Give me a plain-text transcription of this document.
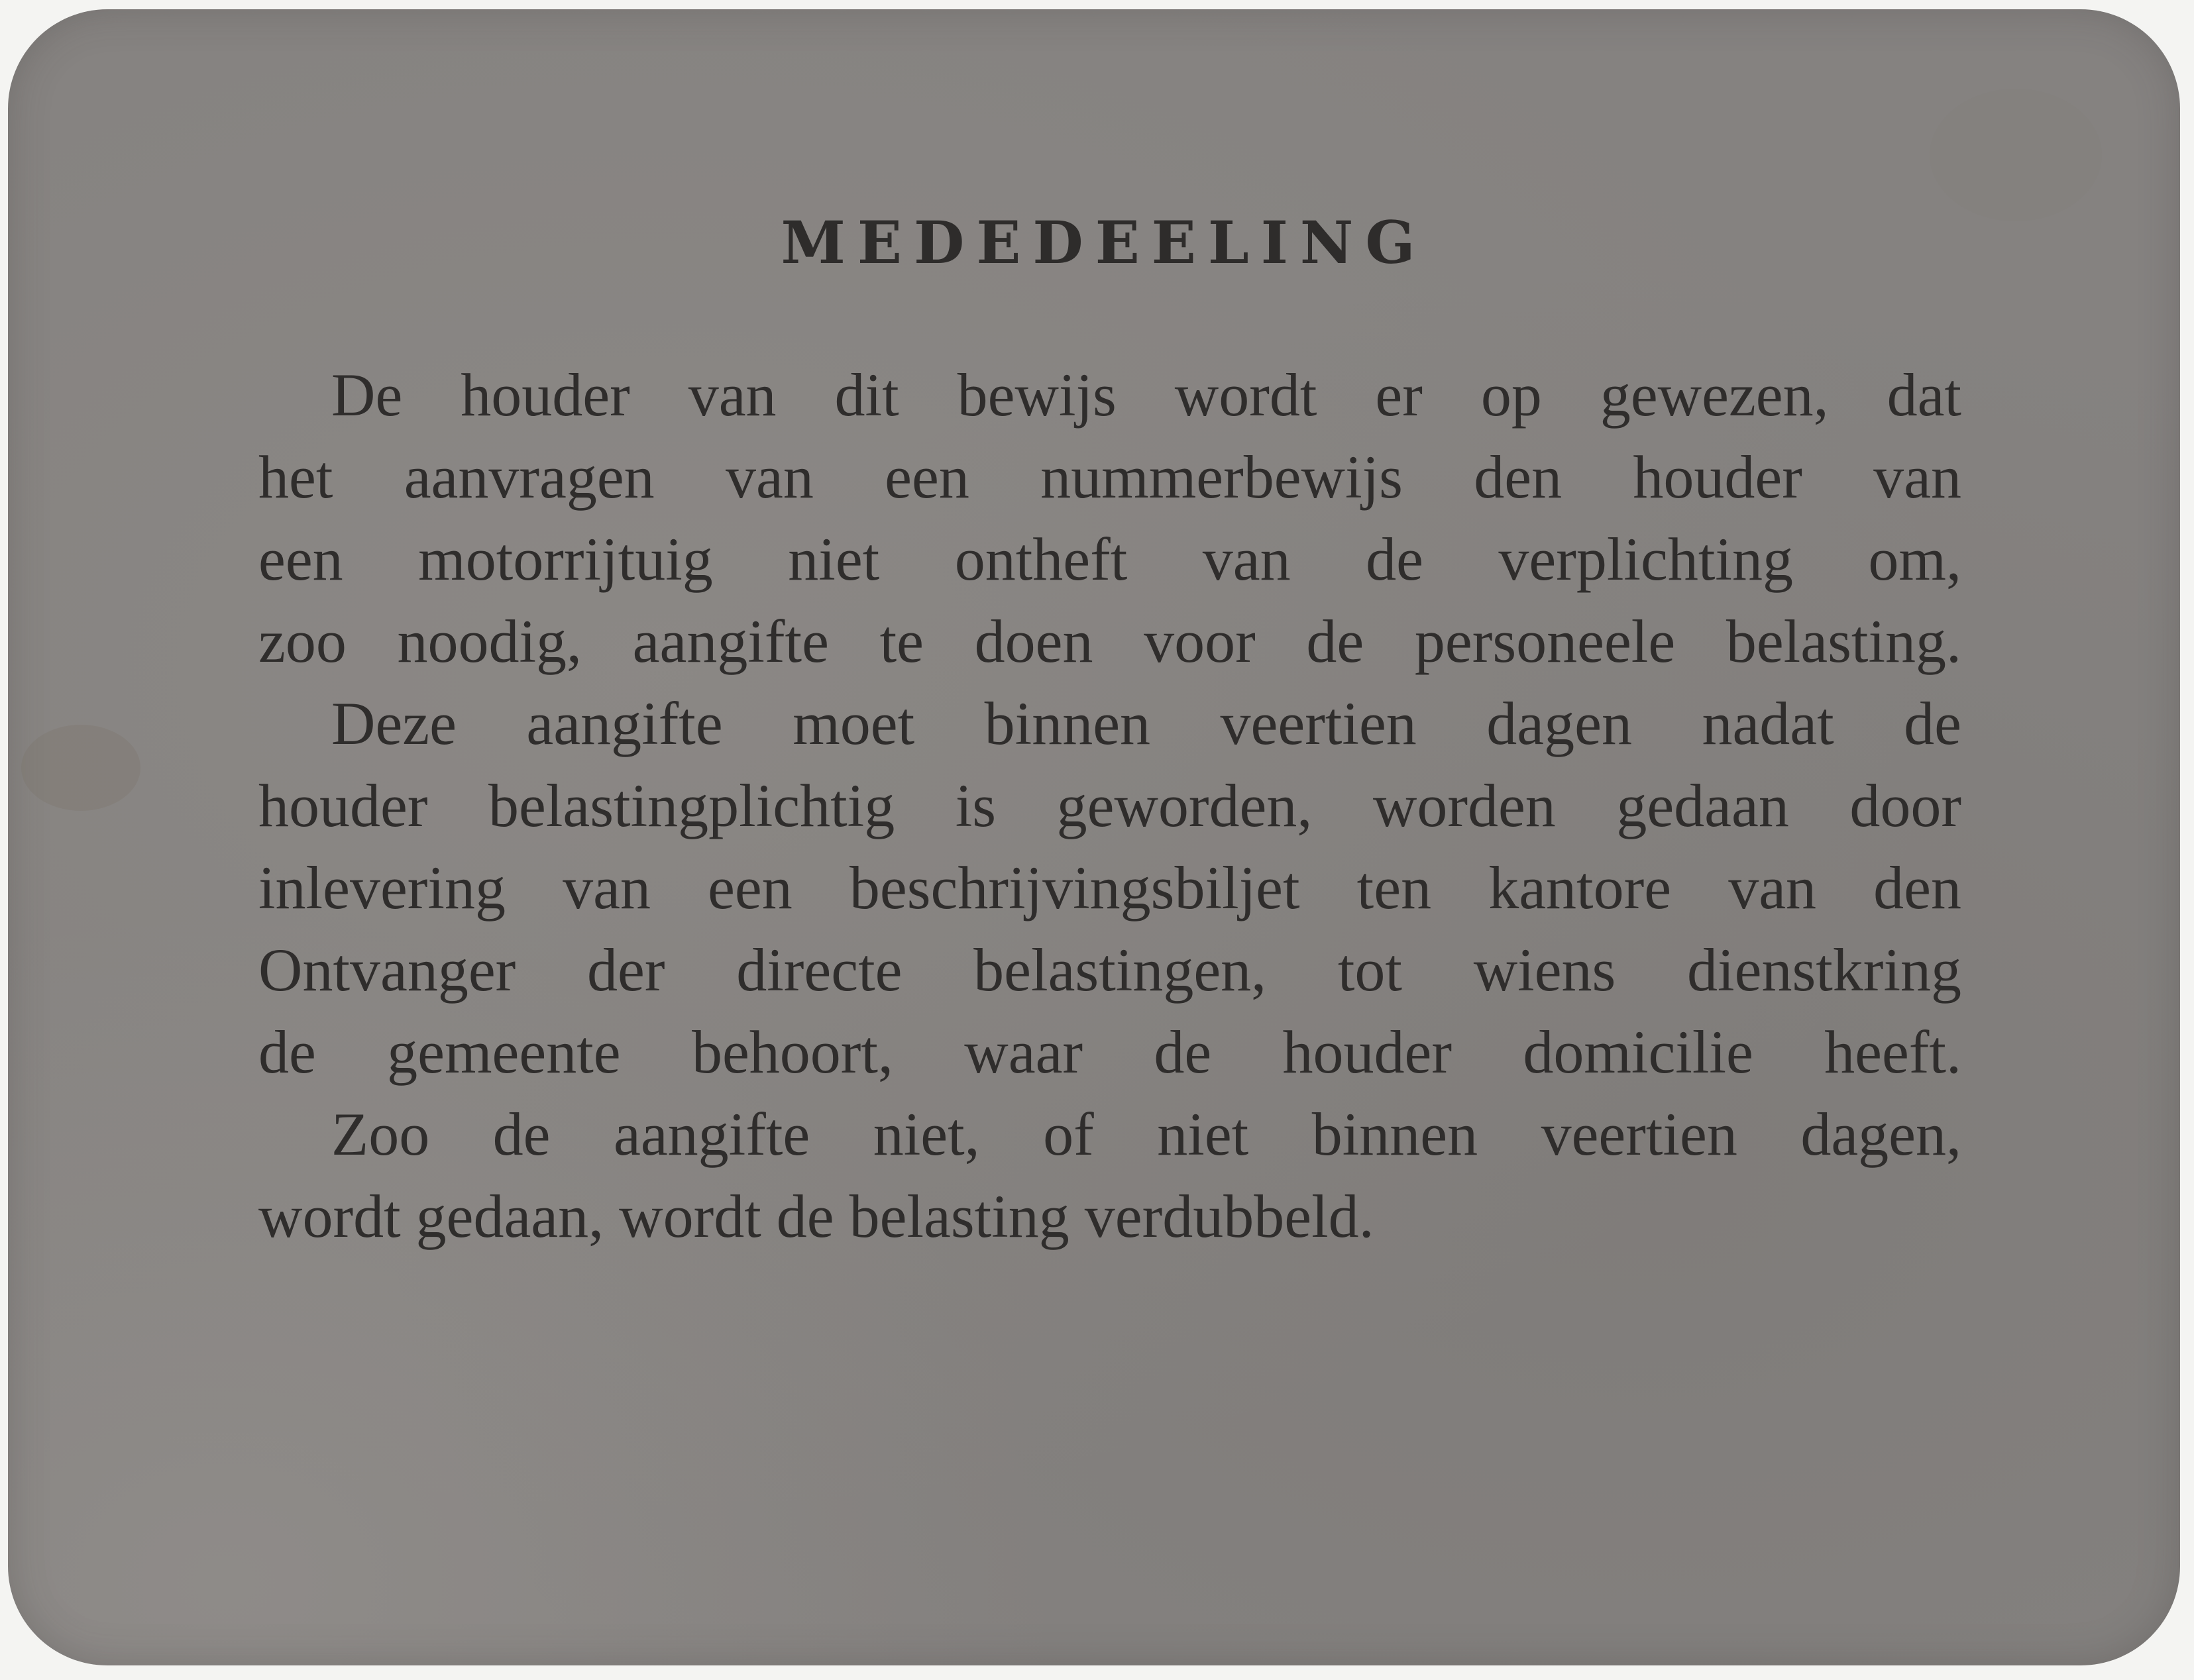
MEDEDEELING
De houder van dit bewijs wordt er op gewezen, dat
het aanvragen van een nummerbewijs den houder van
een motorrijtuig niet ontheft van de verplichting om,
zoo noodig, aangifte te doen voor de personeele belasting.
Deze aangifte moet binnen veertien dagen nadat de
houder belastingplichtig is geworden, worden gedaan door
inlevering van een beschrijvingsbiljet ten kantore van den
Ontvanger der directe belastingen, tot wiens dienstkring
de gemeente behoort, waar de houder domicilie heeft.
Zoo de aangifte niet, of niet binnen veertien dagen,
wordt gedaan, wordt de belasting verdubbeld.
